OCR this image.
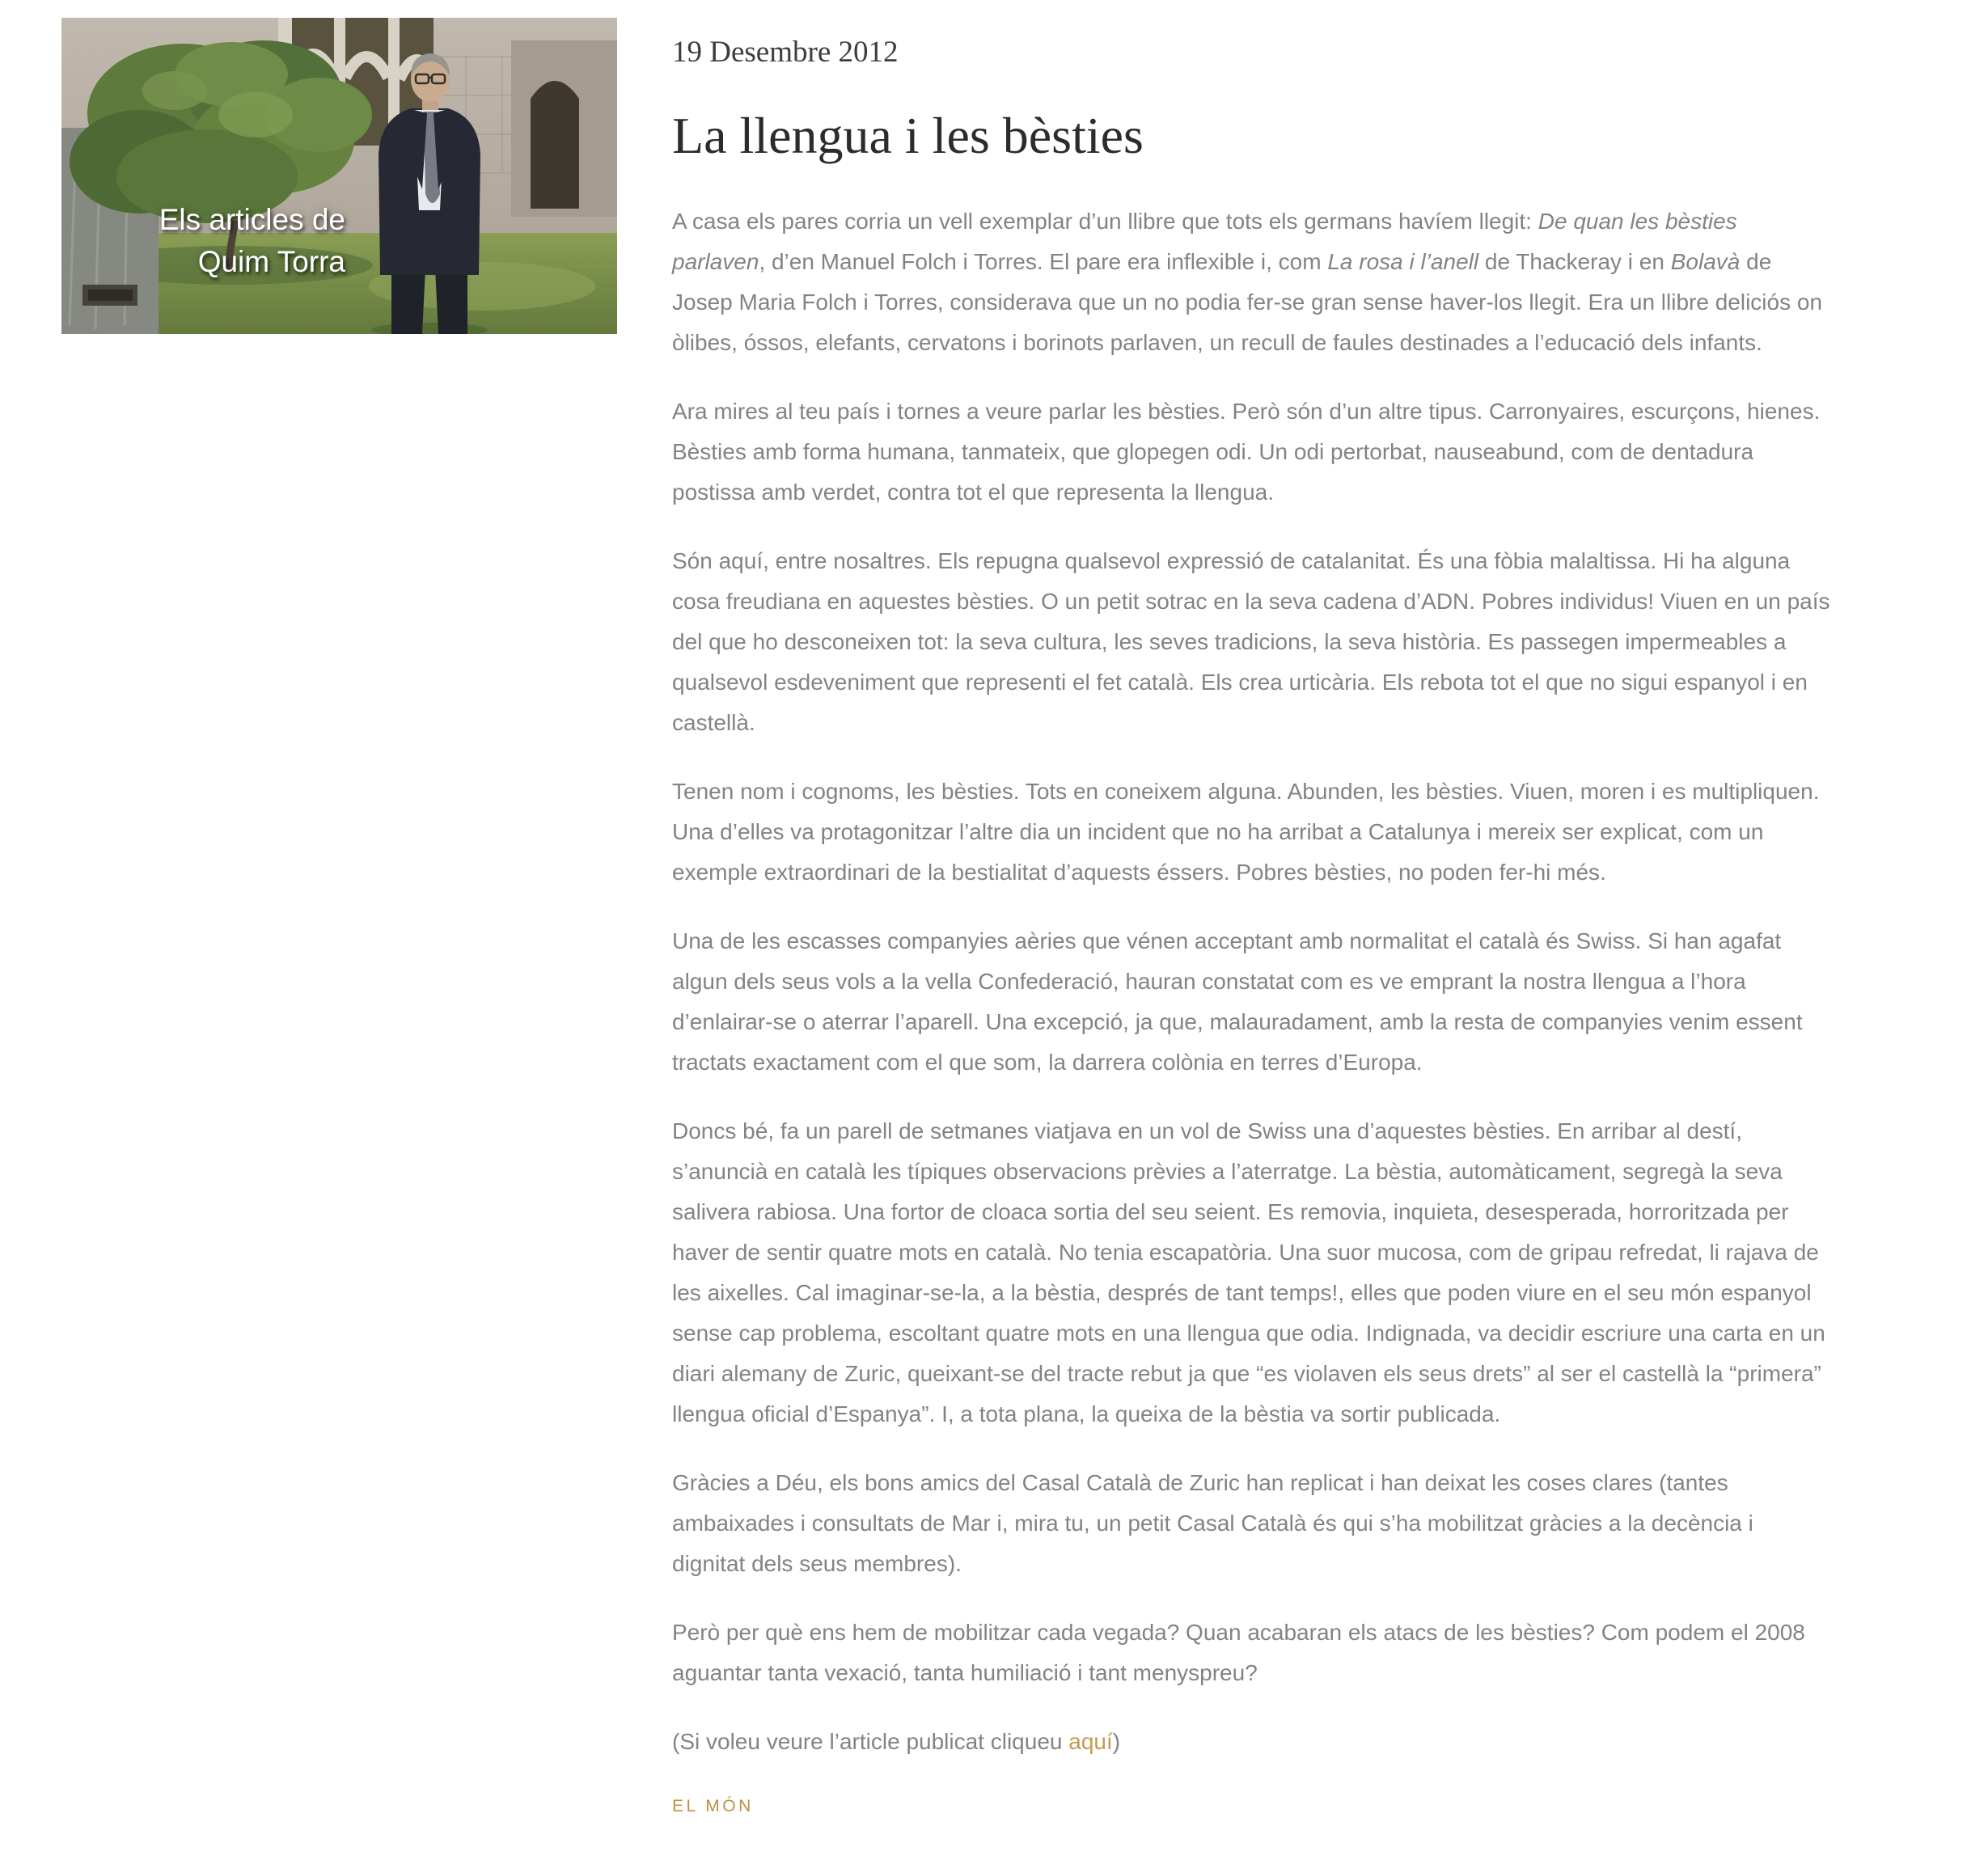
Els articles de
Quim Torra
19 Desembre 2012
La llengua i les bèsties

A casa els pares corria un vell exemplar d’un llibre que tots els germans havíem llegit: De quan les bèsties parlaven, d’en Manuel Folch i Torres. El pare era inflexible i, com La rosa i l’anell de Thackeray i en Bolavà de Josep Maria Folch i Torres, considerava que un no podia fer-se gran sense haver-los llegit. Era un llibre deliciós on òlibes, óssos, elefants, cervatons i borinots parlaven, un recull de faules destinades a l’educació dels infants.

Ara mires al teu país i tornes a veure parlar les bèsties. Però són d’un altre tipus. Carronyaires, escurçons, hienes. Bèsties amb forma humana, tanmateix, que glopegen odi. Un odi pertorbat, nauseabund, com de dentadura postissa amb verdet, contra tot el que representa la llengua.

Són aquí, entre nosaltres. Els repugna qualsevol expressió de catalanitat. És una fòbia malaltissa. Hi ha alguna cosa freudiana en aquestes bèsties. O un petit sotrac en la seva cadena d’ADN. Pobres individus! Viuen en un país del que ho desconeixen tot: la seva cultura, les seves tradicions, la seva història. Es passegen impermeables a qualsevol esdeveniment que representi el fet català. Els crea urticària. Els rebota tot el que no sigui espanyol i en castellà.

Tenen nom i cognoms, les bèsties. Tots en coneixem alguna. Abunden, les bèsties. Viuen, moren i es multipliquen. Una d’elles va protagonitzar l’altre dia un incident que no ha arribat a Catalunya i mereix ser explicat, com un exemple extraordinari de la bestialitat d’aquests éssers. Pobres bèsties, no poden fer-hi més.

Una de les escasses companyies aèries que vénen acceptant amb normalitat el català és Swiss. Si han agafat algun dels seus vols a la vella Confederació, hauran constatat com es ve emprant la nostra llengua a l’hora d’enlairar-se o aterrar l’aparell. Una excepció, ja que, malauradament, amb la resta de companyies venim essent tractats exactament com el que som, la darrera colònia en terres d’Europa.

Doncs bé, fa un parell de setmanes viatjava en un vol de Swiss una d’aquestes bèsties. En arribar al destí, s’anuncià en català les típiques observacions prèvies a l’aterratge. La bèstia, automàticament, segregà la seva salivera rabiosa. Una fortor de cloaca sortia del seu seient. Es removia, inquieta, desesperada, horroritzada per haver de sentir quatre mots en català. No tenia escapatòria. Una suor mucosa, com de gripau refredat, li rajava de les aixelles. Cal imaginar-se-la, a la bèstia, després de tant temps!, elles que poden viure en el seu món espanyol sense cap problema, escoltant quatre mots en una llengua que odia. Indignada, va decidir escriure una carta en un diari alemany de Zuric, queixant-se del tracte rebut ja que “es violaven els seus drets” al ser el castellà la “primera” llengua oficial d’Espanya”. I, a tota plana, la queixa de la bèstia va sortir publicada.

Gràcies a Déu, els bons amics del Casal Català de Zuric han replicat i han deixat les coses clares (tantes ambaixades i consultats de Mar i, mira tu, un petit Casal Català és qui s’ha mobilitzat gràcies a la decència i dignitat dels seus membres).

Però per què ens hem de mobilitzar cada vegada? Quan acabaran els atacs de les bèsties? Com podem el 2008 aguantar tanta vexació, tanta humiliació i tant menyspreu?

(Si voleu veure l’article publicat cliqueu aquí)

EL MÓN
